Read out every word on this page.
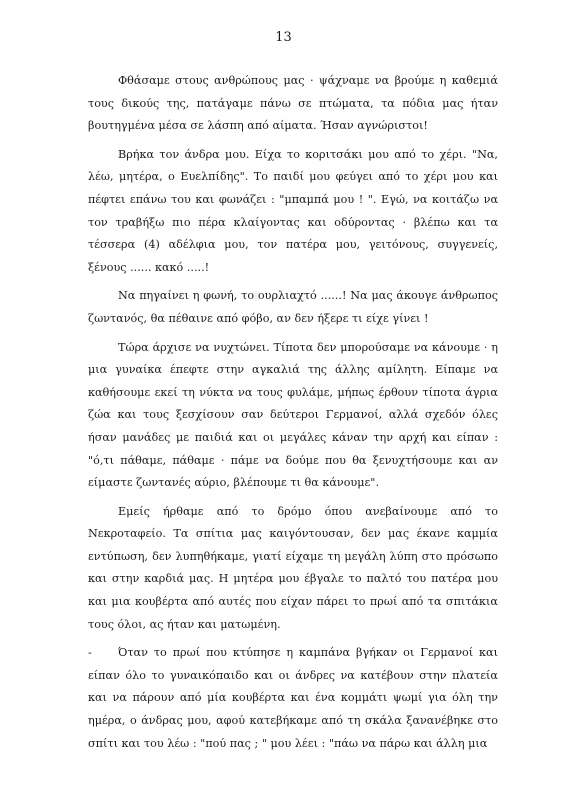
13

Φθάσαμε στους ανθρώπους μας · ψάχναμε να βρούμε η καθεμιά τους δικούς της, πατάγαμε πάνω σε πτώματα, τα πόδια μας ήταν βουτηγμένα μέσα σε λάσπη από αίματα. Ήσαν αγνώριστοι!

Βρήκα τον άνδρα μου. Είχα το κοριτσάκι μου από το χέρι. "Να, λέω, μητέρα, ο Ευελπίδης". Το παιδί μου φεύγει από το χέρι μου και πέφτει επάνω του και φωνάζει : "μπαμπά μου ! ". Εγώ, να κοιτάζω να τον τραβήξω πιο πέρα κλαίγοντας και οδύροντας · βλέπω και τα τέσσερα (4) αδέλφια μου, τον πατέρα μου, γειτόνους, συγγενείς, ξένους ...... κακό .....!

Να πηγαίνει η φωνή, το ουρλιαχτό ......! Να μας άκουγε άνθρωπος ζωντανός, θα πέθαινε από φόβο, αν δεν ήξερε τι είχε γίνει !

Τώρα άρχισε να νυχτώνει. Τίποτα δεν μπορούσαμε να κάνουμε · η μια γυναίκα έπεφτε στην αγκαλιά της άλλης αμίλητη. Είπαμε να καθήσουμε εκεί τη νύκτα να τους φυλάμε, μήπως έρθουν τίποτα άγρια ζώα και τους ξεσχίσουν σαν δεύτεροι Γερμανοί, αλλά σχεδόν όλες ήσαν μανάδες με παιδιά και οι μεγάλες κάναν την αρχή και είπαν : "ό,τι πάθαμε, πάθαμε · πάμε να δούμε που θα ξενυχτήσουμε και αν είμαστε ζωντανές αύριο, βλέπουμε τι θα κάνουμε".

Εμείς ήρθαμε από το δρόμο όπου ανεβαίνουμε από το Νεκροταφείο. Τα σπίτια μας καιγόντουσαν, δεν μας έκανε καμμία εντύπωση, δεν λυπηθήκαμε, γιατί είχαμε τη μεγάλη λύπη στο πρόσωπο και στην καρδιά μας. Η μητέρα μου έβγαλε το παλτό του πατέρα μου και μια κουβέρτα από αυτές που είχαν πάρει το πρωί από τα σπιτάκια τους όλοι, ας ήταν και ματωμένη.

-	Όταν το πρωί που κτύπησε η καμπάνα βγήκαν οι Γερμανοί και είπαν όλο το γυναικόπαιδο και οι άνδρες να κατέβουν στην πλατεία και να πάρουν από μία κουβέρτα και ένα κομμάτι ψωμί για όλη την ημέρα, ο άνδρας μου, αφού κατεβήκαμε από τη σκάλα ξανανέβηκε στο σπίτι και του λέω : "πού πας ; " μου λέει : "πάω να πάρω και άλλη μια
